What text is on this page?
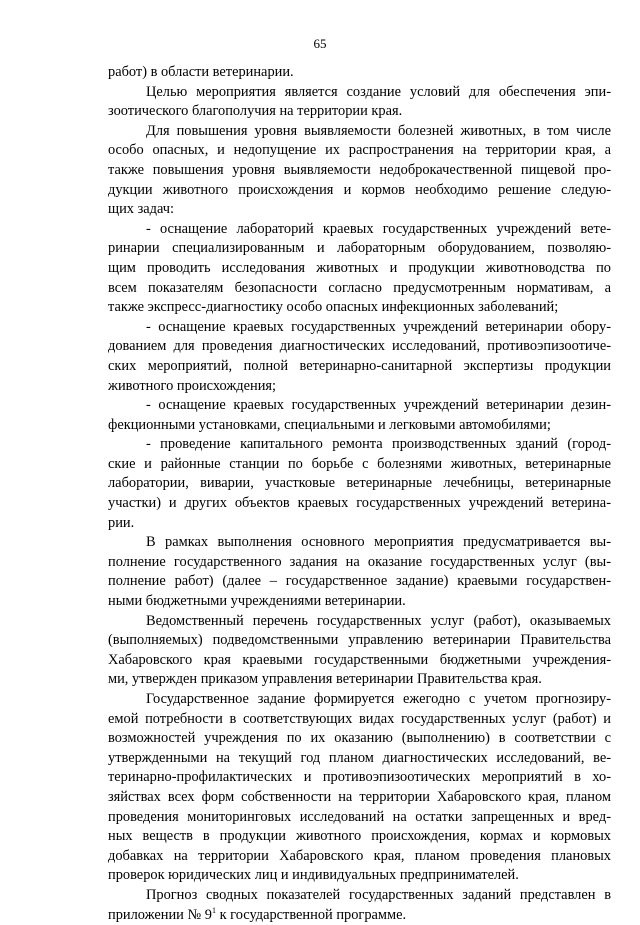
65
работ) в области ветеринарии.
Целью мероприятия является создание условий для обеспечения эпи-
зоотического благополучия на территории края.
Для повышения уровня выявляемости болезней животных, в том числе
особо опасных, и недопущение их распространения на территории края, а
также повышения уровня выявляемости недоброкачественной пищевой про-
дукции животного происхождения и кормов необходимо решение следую-
щих задач:
- оснащение лабораторий краевых государственных учреждений вете-
ринарии специализированным и лабораторным оборудованием, позволяю-
щим проводить исследования животных и продукции животноводства по
всем показателям безопасности согласно предусмотренным нормативам, а
также экспресс-диагностику особо опасных инфекционных заболеваний;
- оснащение краевых государственных учреждений ветеринарии обору-
дованием для проведения диагностических исследований, противоэпизоотиче-
ских мероприятий, полной ветеринарно-санитарной экспертизы продукции
животного происхождения;
- оснащение краевых государственных учреждений ветеринарии дезин-
фекционными установками, специальными и легковыми автомобилями;
- проведение капитального ремонта производственных зданий (город-
ские и районные станции по борьбе с болезнями животных, ветеринарные
лаборатории, виварии, участковые ветеринарные лечебницы, ветеринарные
участки) и других объектов краевых государственных учреждений ветерина-
рии.
В рамках выполнения основного мероприятия предусматривается вы-
полнение государственного задания на оказание государственных услуг (вы-
полнение работ) (далее – государственное задание) краевыми государствен-
ными бюджетными учреждениями ветеринарии.
Ведомственный перечень государственных услуг (работ), оказываемых
(выполняемых) подведомственными управлению ветеринарии Правительства
Хабаровского края краевыми государственными бюджетными учреждения-
ми, утвержден приказом управления ветеринарии Правительства края.
Государственное задание формируется ежегодно с учетом прогнозиру-
емой потребности в соответствующих видах государственных услуг (работ) и
возможностей учреждения по их оказанию (выполнению) в соответствии с
утвержденными на текущий год планом диагностических исследований, ве-
теринарно-профилактических и противоэпизоотических мероприятий в хо-
зяйствах всех форм собственности на территории Хабаровского края, планом
проведения мониторинговых исследований на остатки запрещенных и вред-
ных веществ в продукции животного происхождения, кормах и кормовых
добавках на территории Хабаровского края, планом проведения плановых
проверок юридических лиц и индивидуальных предпринимателей.
Прогноз сводных показателей государственных заданий представлен в
приложении № $9^1$ к государственной программе.
